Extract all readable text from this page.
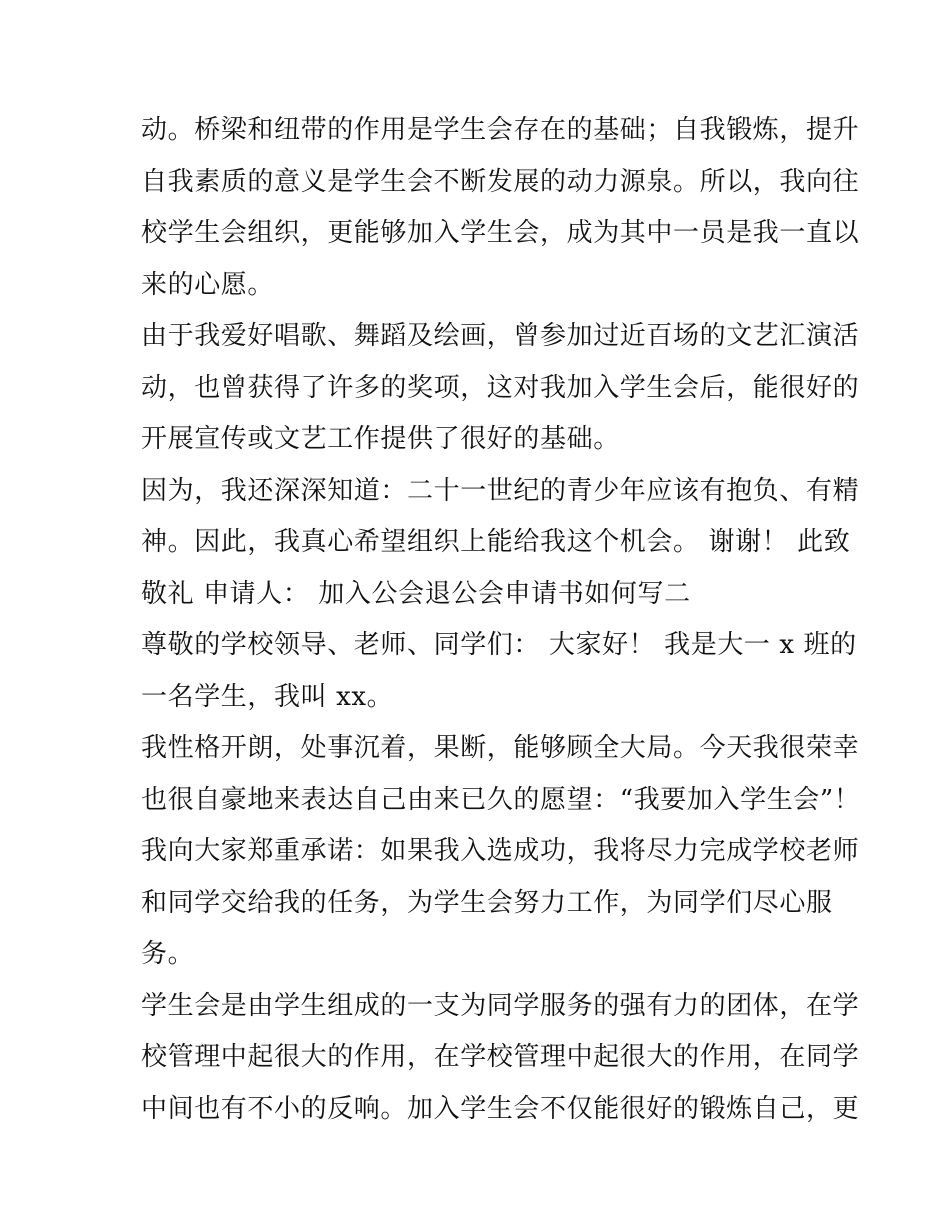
动。桥梁和纽带的作用是学生会存在的基础；自我锻炼，提升
自我素质的意义是学生会不断发展的动力源泉。所以，我向往
校学生会组织，更能够加入学生会，成为其中一员是我一直以
来的心愿。
由于我爱好唱歌、舞蹈及绘画，曾参加过近百场的文艺汇演活
动，也曾获得了许多的奖项，这对我加入学生会后，能很好的
开展宣传或文艺工作提供了很好的基础。
因为，我还深深知道：二十一世纪的青少年应该有抱负、有精
神。因此，我真心希望组织上能给我这个机会。 谢谢！ 此致
敬礼 申请人： 加入公会退公会申请书如何写二
尊敬的学校领导、老师、同学们： 大家好！ 我是大一 x 班的
一名学生，我叫 xx。
我性格开朗，处事沉着，果断，能够顾全大局。今天我很荣幸
也很自豪地来表达自己由来已久的愿望：“我要加入学生会”！
我向大家郑重承诺：如果我入选成功，我将尽力完成学校老师
和同学交给我的任务，为学生会努力工作，为同学们尽心服
务。
学生会是由学生组成的一支为同学服务的强有力的团体，在学
校管理中起很大的作用，在学校管理中起很大的作用，在同学
中间也有不小的反响。加入学生会不仅能很好的锻炼自己，更
